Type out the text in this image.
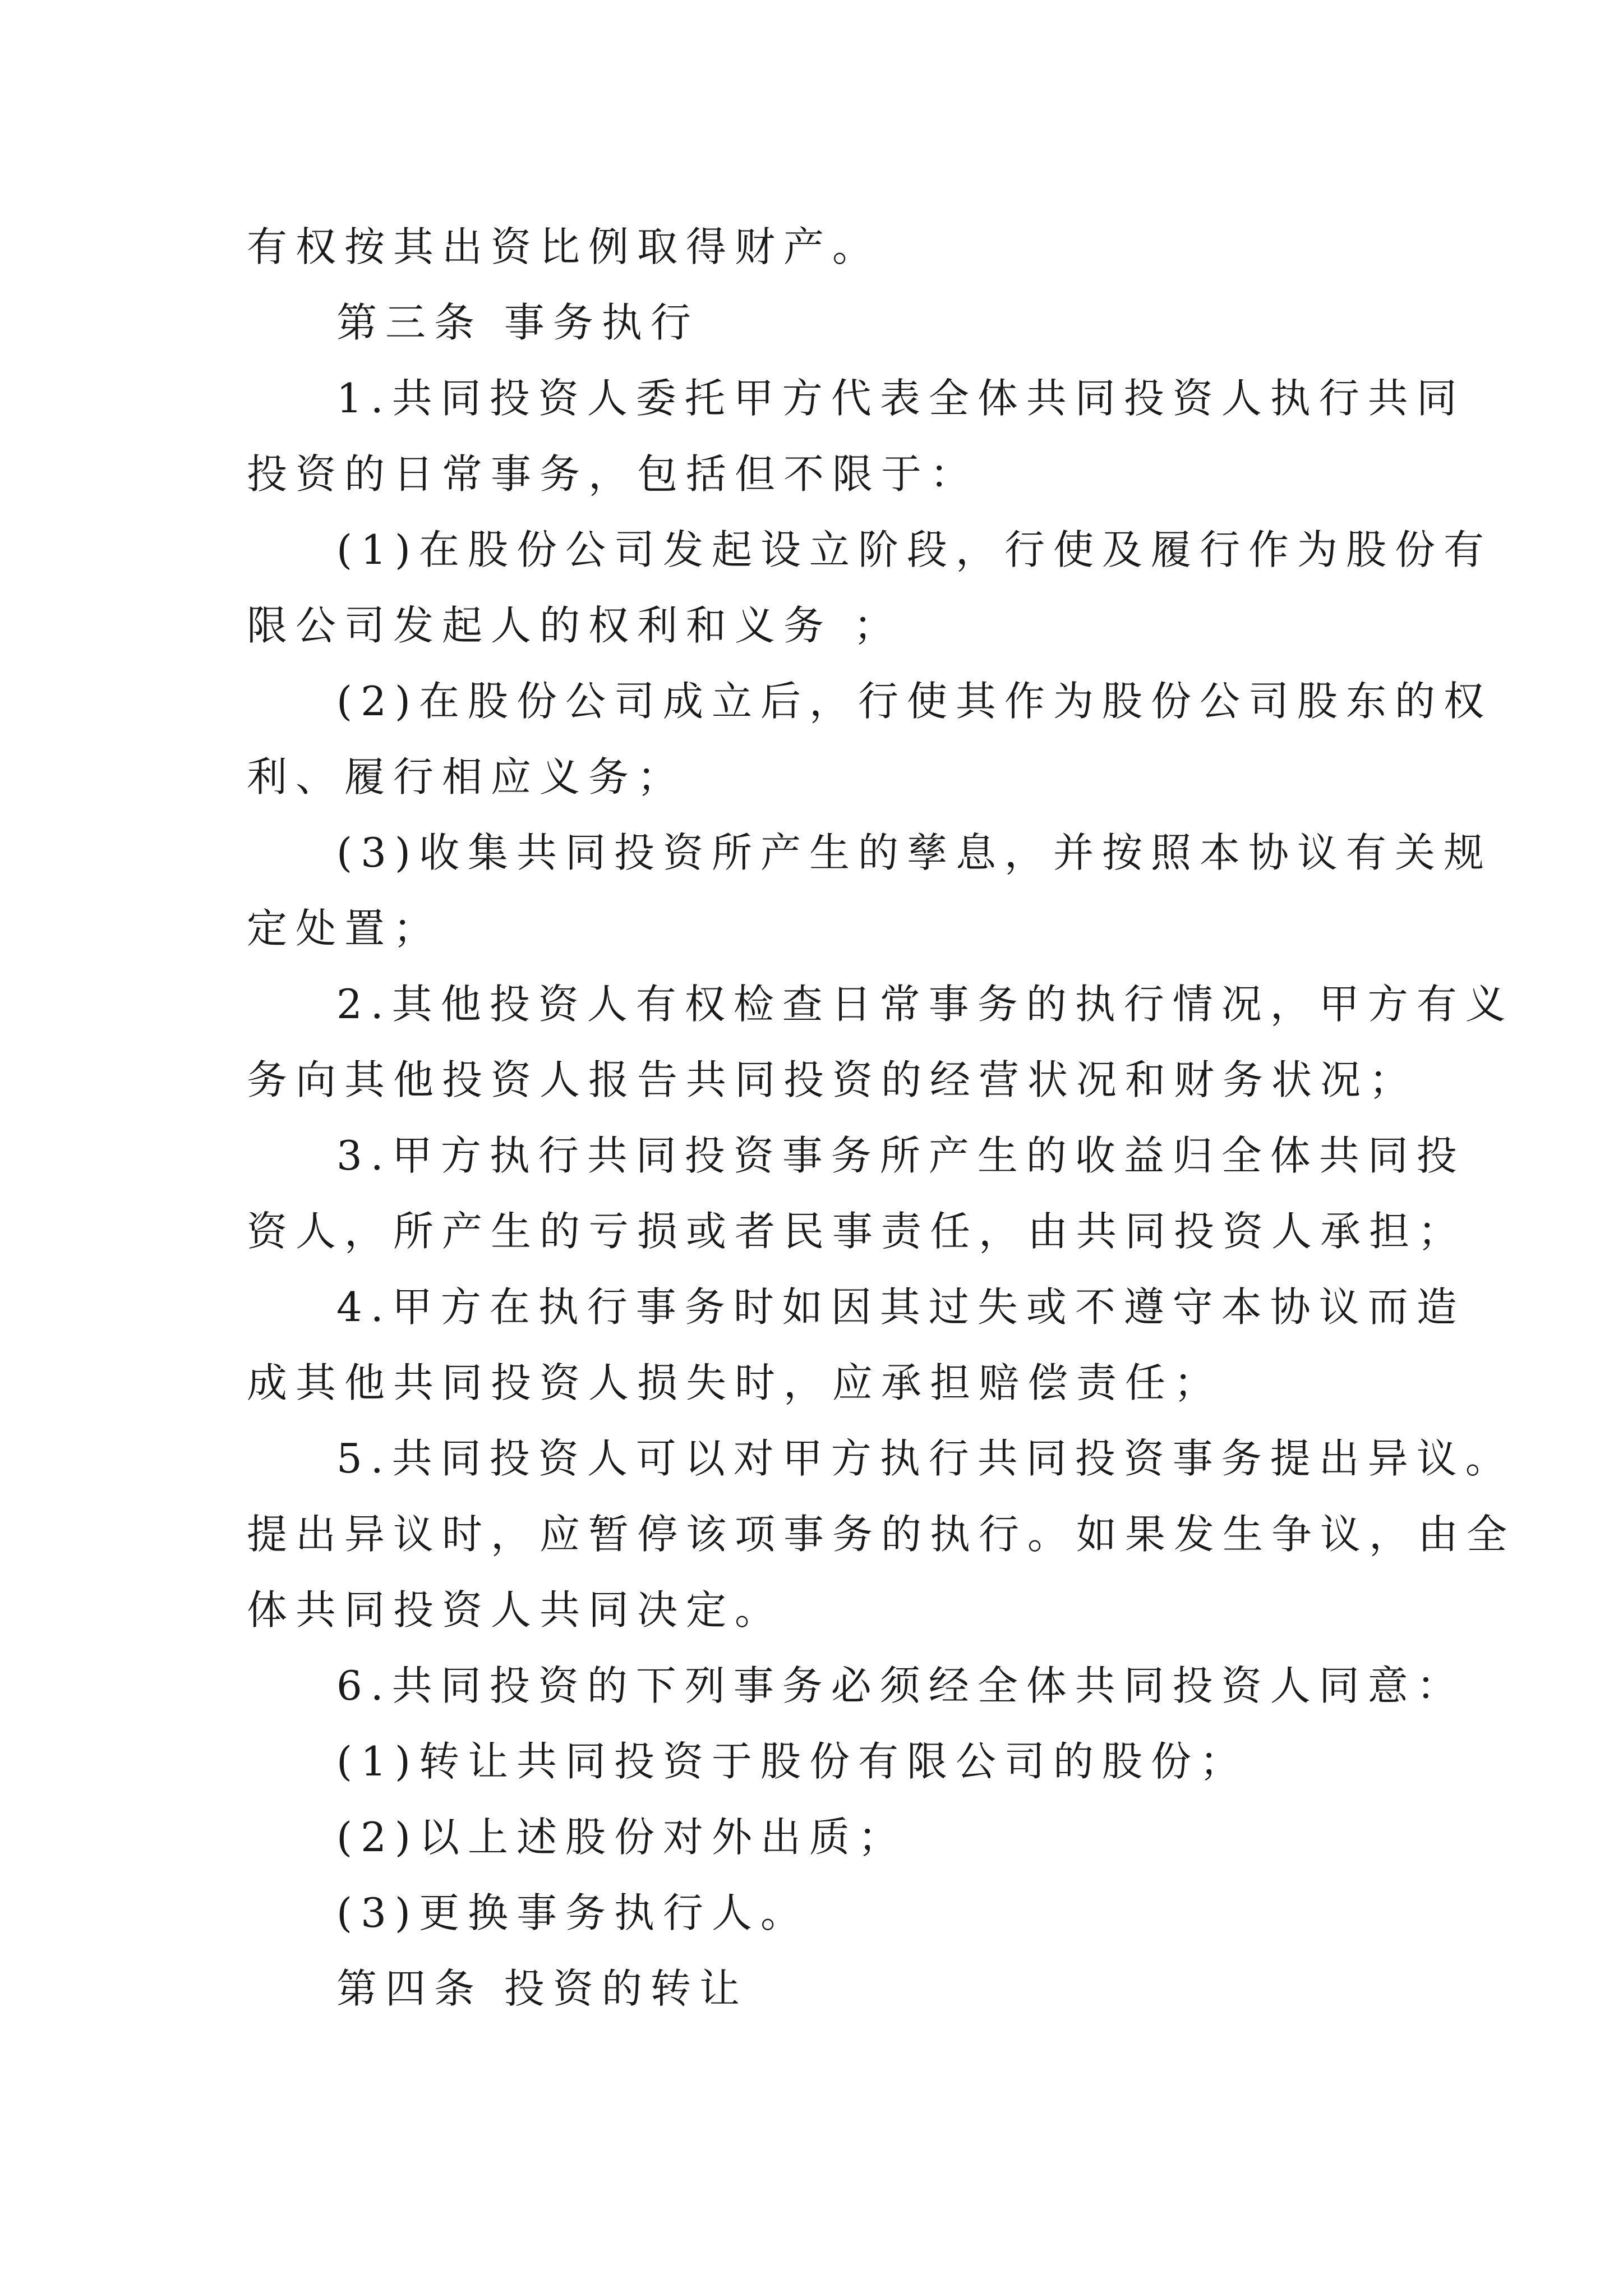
有权按其出资比例取得财产。
第三条 事务执行
1.共同投资人委托甲方代表全体共同投资人执行共同
投资的日常事务，包括但不限于：
(1)在股份公司发起设立阶段，行使及履行作为股份有
限公司发起人的权利和义务 ；
(2)在股份公司成立后，行使其作为股份公司股东的权
利、履行相应义务；
(3)收集共同投资所产生的孳息，并按照本协议有关规
定处置；
2.其他投资人有权检查日常事务的执行情况，甲方有义
务向其他投资人报告共同投资的经营状况和财务状况；
3.甲方执行共同投资事务所产生的收益归全体共同投
资人，所产生的亏损或者民事责任，由共同投资人承担；
4.甲方在执行事务时如因其过失或不遵守本协议而造
成其他共同投资人损失时，应承担赔偿责任；
5.共同投资人可以对甲方执行共同投资事务提出异议。
提出异议时，应暂停该项事务的执行。如果发生争议，由全
体共同投资人共同决定。
6.共同投资的下列事务必须经全体共同投资人同意：
(1)转让共同投资于股份有限公司的股份；
(2)以上述股份对外出质；
(3)更换事务执行人。
第四条 投资的转让
